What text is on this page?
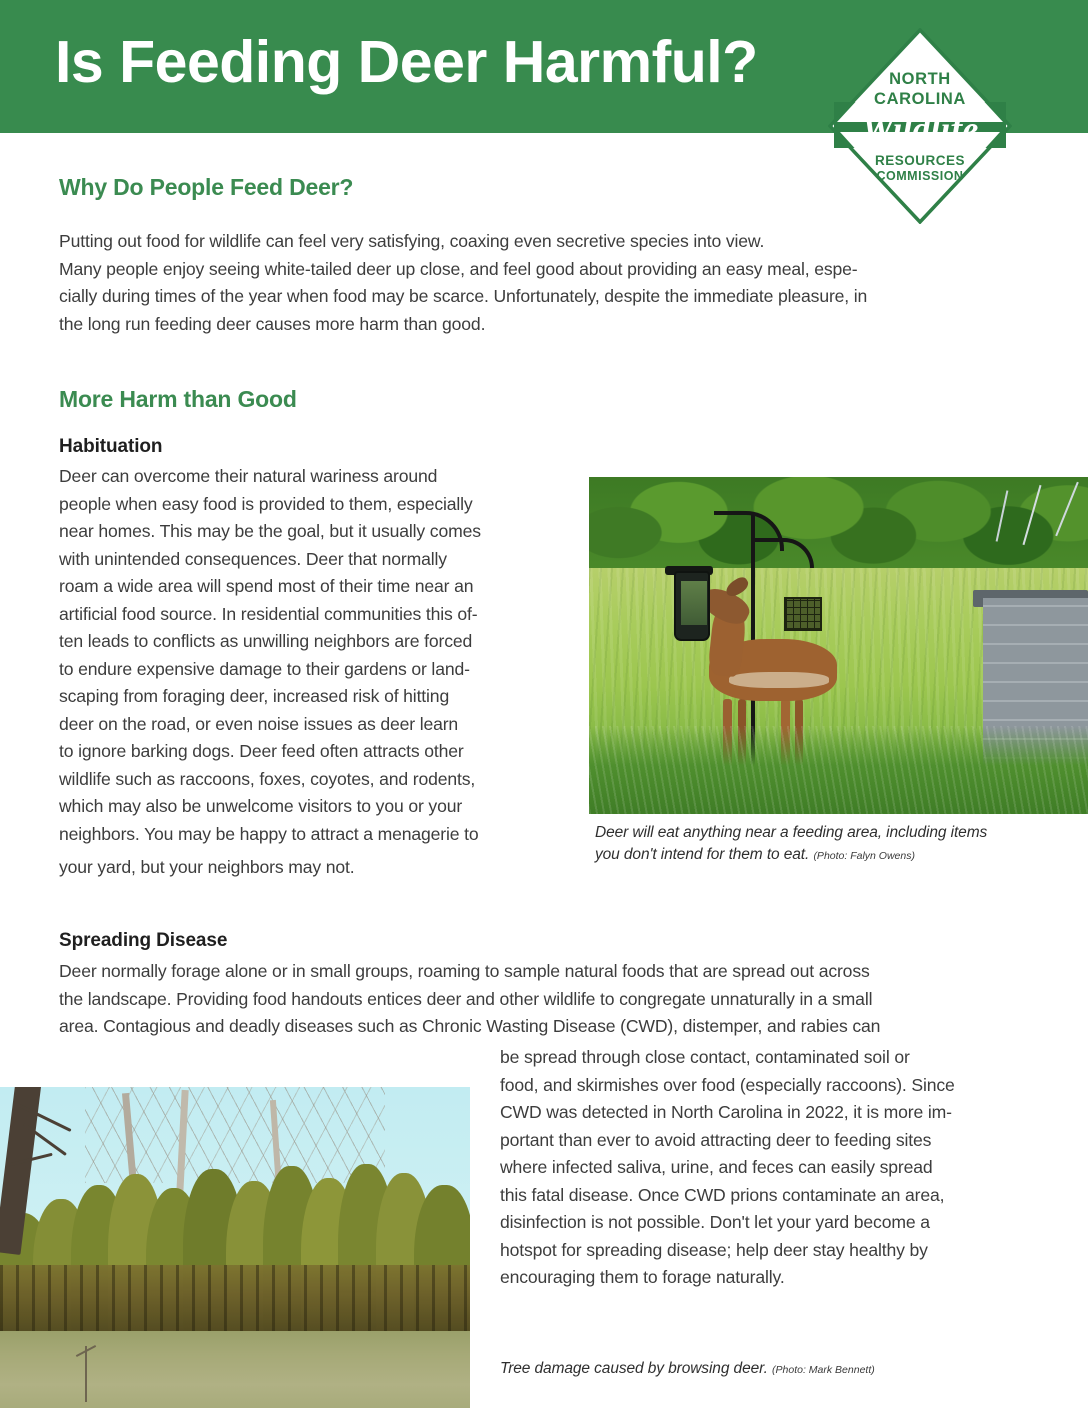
Is Feeding Deer Harmful?	NORTH
CAROLINA
Wildlife
RESOURCES
COMMISSION
Why Do People Feed Deer?
Putting out food for wildlife can feel very satisfying, coaxing even secretive species into view.
Many people enjoy seeing white-tailed deer up close, and feel good about providing an easy meal, espe-
cially during times of the year when food may be scarce. Unfortunately, despite the immediate pleasure, in
the long run feeding deer causes more harm than good.
More Harm than Good
Habituation
Deer can overcome their natural wariness around
people when easy food is provided to them, especially
near homes. This may be the goal, but it usually comes
with unintended consequences. Deer that normally
roam a wide area will spend most of their time near an
artificial food source. In residential communities this of-
ten leads to conflicts as unwilling neighbors are forced
to endure expensive damage to their gardens or land-
scaping from foraging deer, increased risk of hitting
deer on the road, or even noise issues as deer learn
to ignore barking dogs. Deer feed often attracts other
wildlife such as raccoons, foxes, coyotes, and rodents,
which may also be unwelcome visitors to you or your
neighbors. You may be happy to attract a menagerie to
your yard, but your neighbors may not.
Deer will eat anything near a feeding area, including items
you don't intend for them to eat. (Photo: Falyn Owens)
Spreading Disease
Deer normally forage alone or in small groups, roaming to sample natural foods that are spread out across
the landscape. Providing food handouts entices deer and other wildlife to congregate unnaturally in a small
area. Contagious and deadly diseases such as Chronic Wasting Disease (CWD), distemper, and rabies can
be spread through close contact, contaminated soil or
food, and skirmishes over food (especially raccoons). Since
CWD was detected in North Carolina in 2022, it is more im-
portant than ever to avoid attracting deer to feeding sites
where infected saliva, urine, and feces can easily spread
this fatal disease. Once CWD prions contaminate an area,
disinfection is not possible. Don't let your yard become a
hotspot for spreading disease; help deer stay healthy by
encouraging them to forage naturally.
Tree damage caused by browsing deer. (Photo: Mark Bennett)
